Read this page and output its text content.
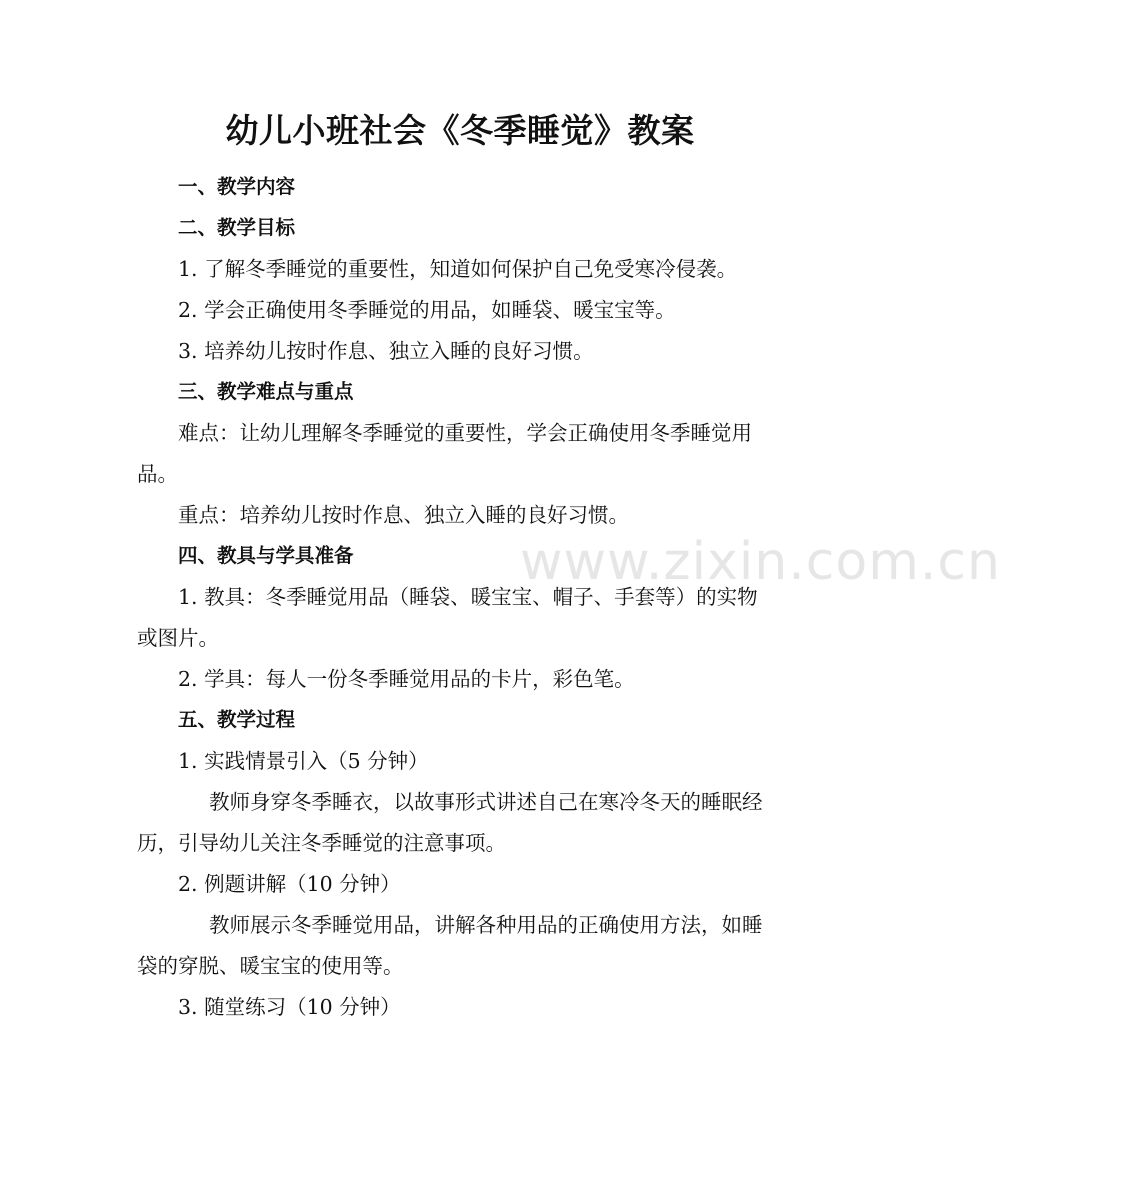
www.zixin.com.cn
幼儿小班社会《冬季睡觉》教案
一、教学内容
二、教学目标
1. 了解冬季睡觉的重要性，知道如何保护自己免受寒冷侵袭。
2. 学会正确使用冬季睡觉的用品，如睡袋、暖宝宝等。
3. 培养幼儿按时作息、独立入睡的良好习惯。
三、教学难点与重点
难点：让幼儿理解冬季睡觉的重要性，学会正确使用冬季睡觉用
品。
重点：培养幼儿按时作息、独立入睡的良好习惯。
四、教具与学具准备
1. 教具：冬季睡觉用品（睡袋、暖宝宝、帽子、手套等）的实物
或图片。
2. 学具：每人一份冬季睡觉用品的卡片，彩色笔。
五、教学过程
1. 实践情景引入（5 分钟）
教师身穿冬季睡衣，以故事形式讲述自己在寒冷冬天的睡眠经
历，引导幼儿关注冬季睡觉的注意事项。
2. 例题讲解（10 分钟）
教师展示冬季睡觉用品，讲解各种用品的正确使用方法，如睡
袋的穿脱、暖宝宝的使用等。
3. 随堂练习（10 分钟）
